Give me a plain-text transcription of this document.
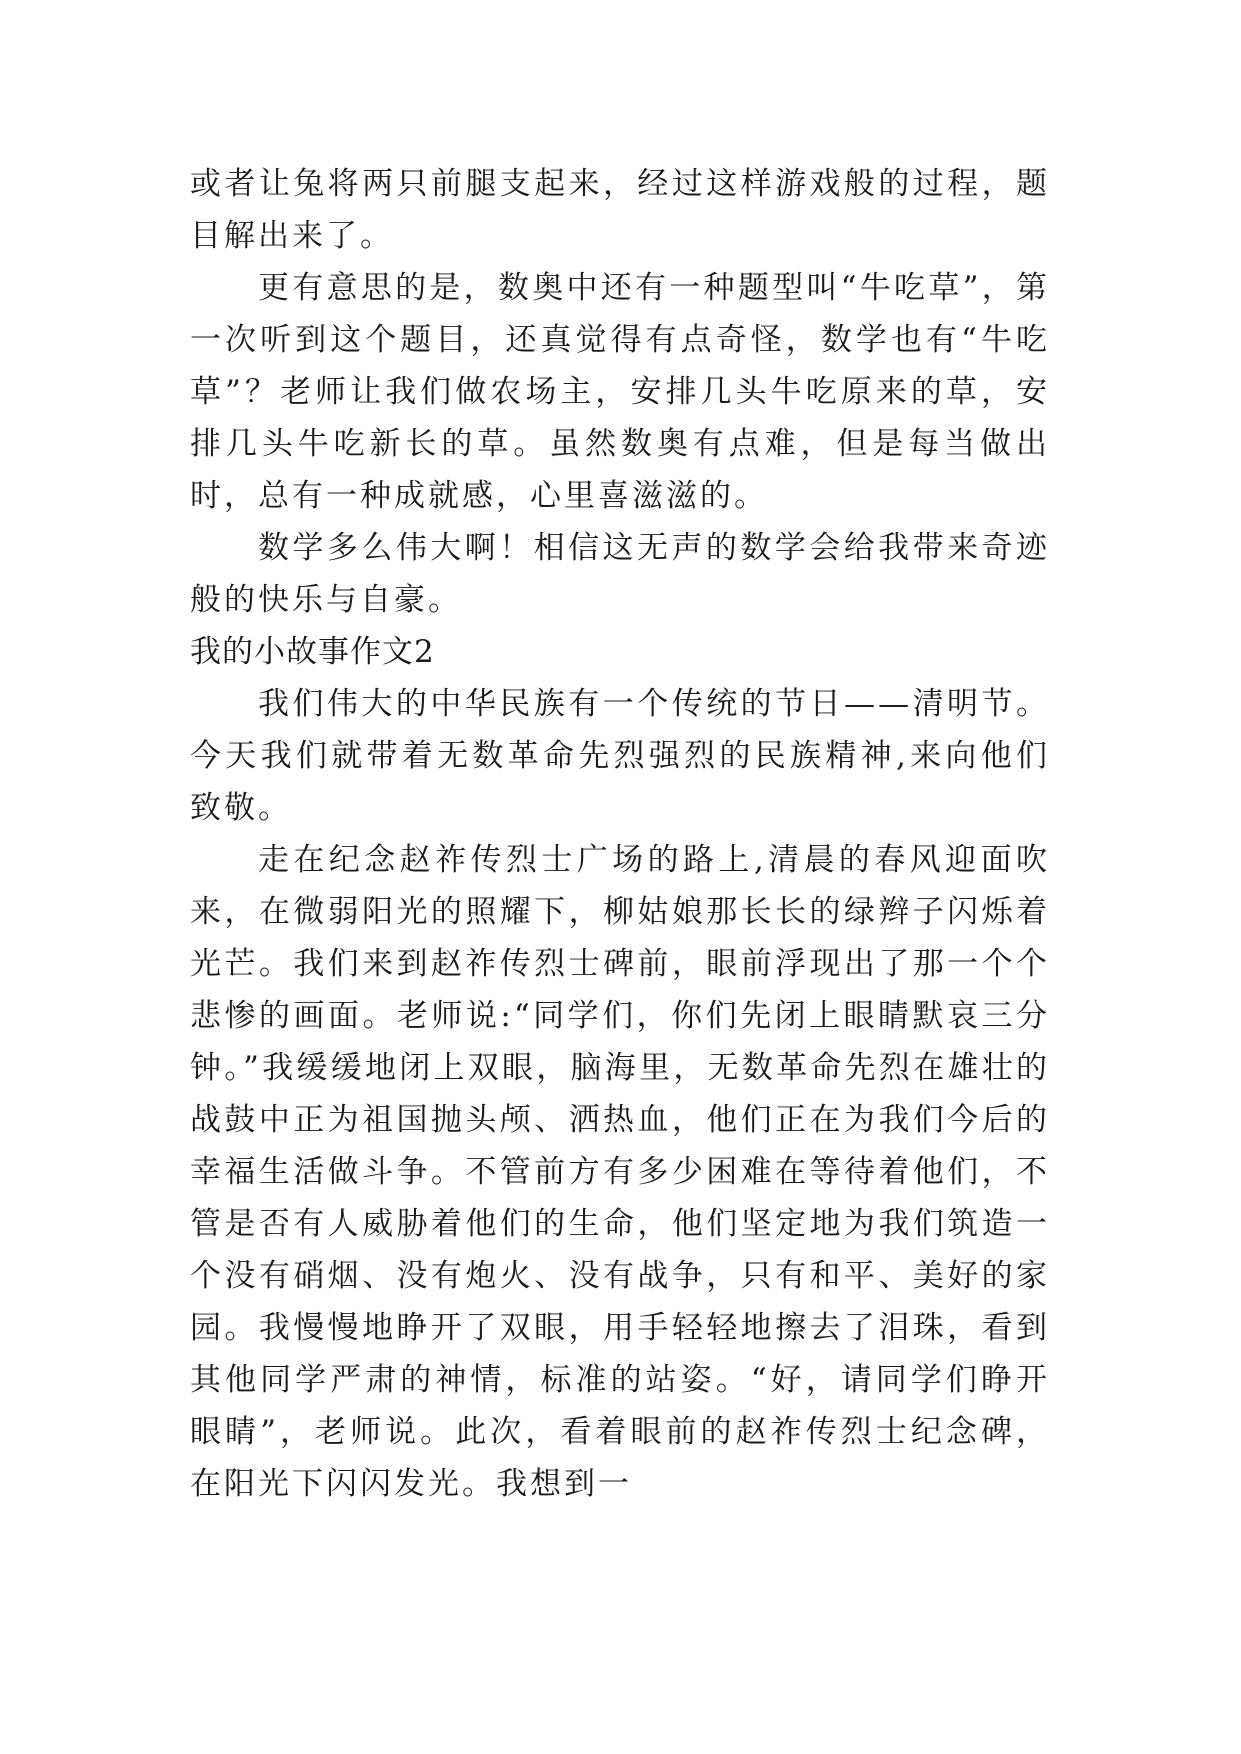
或者让兔将两只前腿支起来，经过这样游戏般的过程，题目解出来了。

更有意思的是，数奥中还有一种题型叫“牛吃草”，第一次听到这个题目，还真觉得有点奇怪，数学也有“牛吃草”？老师让我们做农场主，安排几头牛吃原来的草，安排几头牛吃新长的草。虽然数奥有点难，但是每当做出时，总有一种成就感，心里喜滋滋的。

数学多么伟大啊！相信这无声的数学会给我带来奇迹般的快乐与自豪。

我的小故事作文2

我们伟大的中华民族有一个传统的节日——清明节。今天我们就带着无数革命先烈强烈的民族精神,来向他们致敬。

走在纪念赵祚传烈士广场的路上,清晨的春风迎面吹来，在微弱阳光的照耀下，柳姑娘那长长的绿辫子闪烁着光芒。我们来到赵祚传烈士碑前，眼前浮现出了那一个个悲惨的画面。老师说:“同学们，你们先闭上眼睛默哀三分钟。”我缓缓地闭上双眼，脑海里，无数革命先烈在雄壮的战鼓中正为祖国抛头颅、洒热血，他们正在为我们今后的幸福生活做斗争。不管前方有多少困难在等待着他们，不管是否有人威胁着他们的生命，他们坚定地为我们筑造一个没有硝烟、没有炮火、没有战争，只有和平、美好的家园。我慢慢地睁开了双眼，用手轻轻地擦去了泪珠，看到其他同学严肃的神情，标准的站姿。“好，请同学们睁开眼睛”，老师说。此次，看着眼前的赵祚传烈士纪念碑，在阳光下闪闪发光。我想到一
